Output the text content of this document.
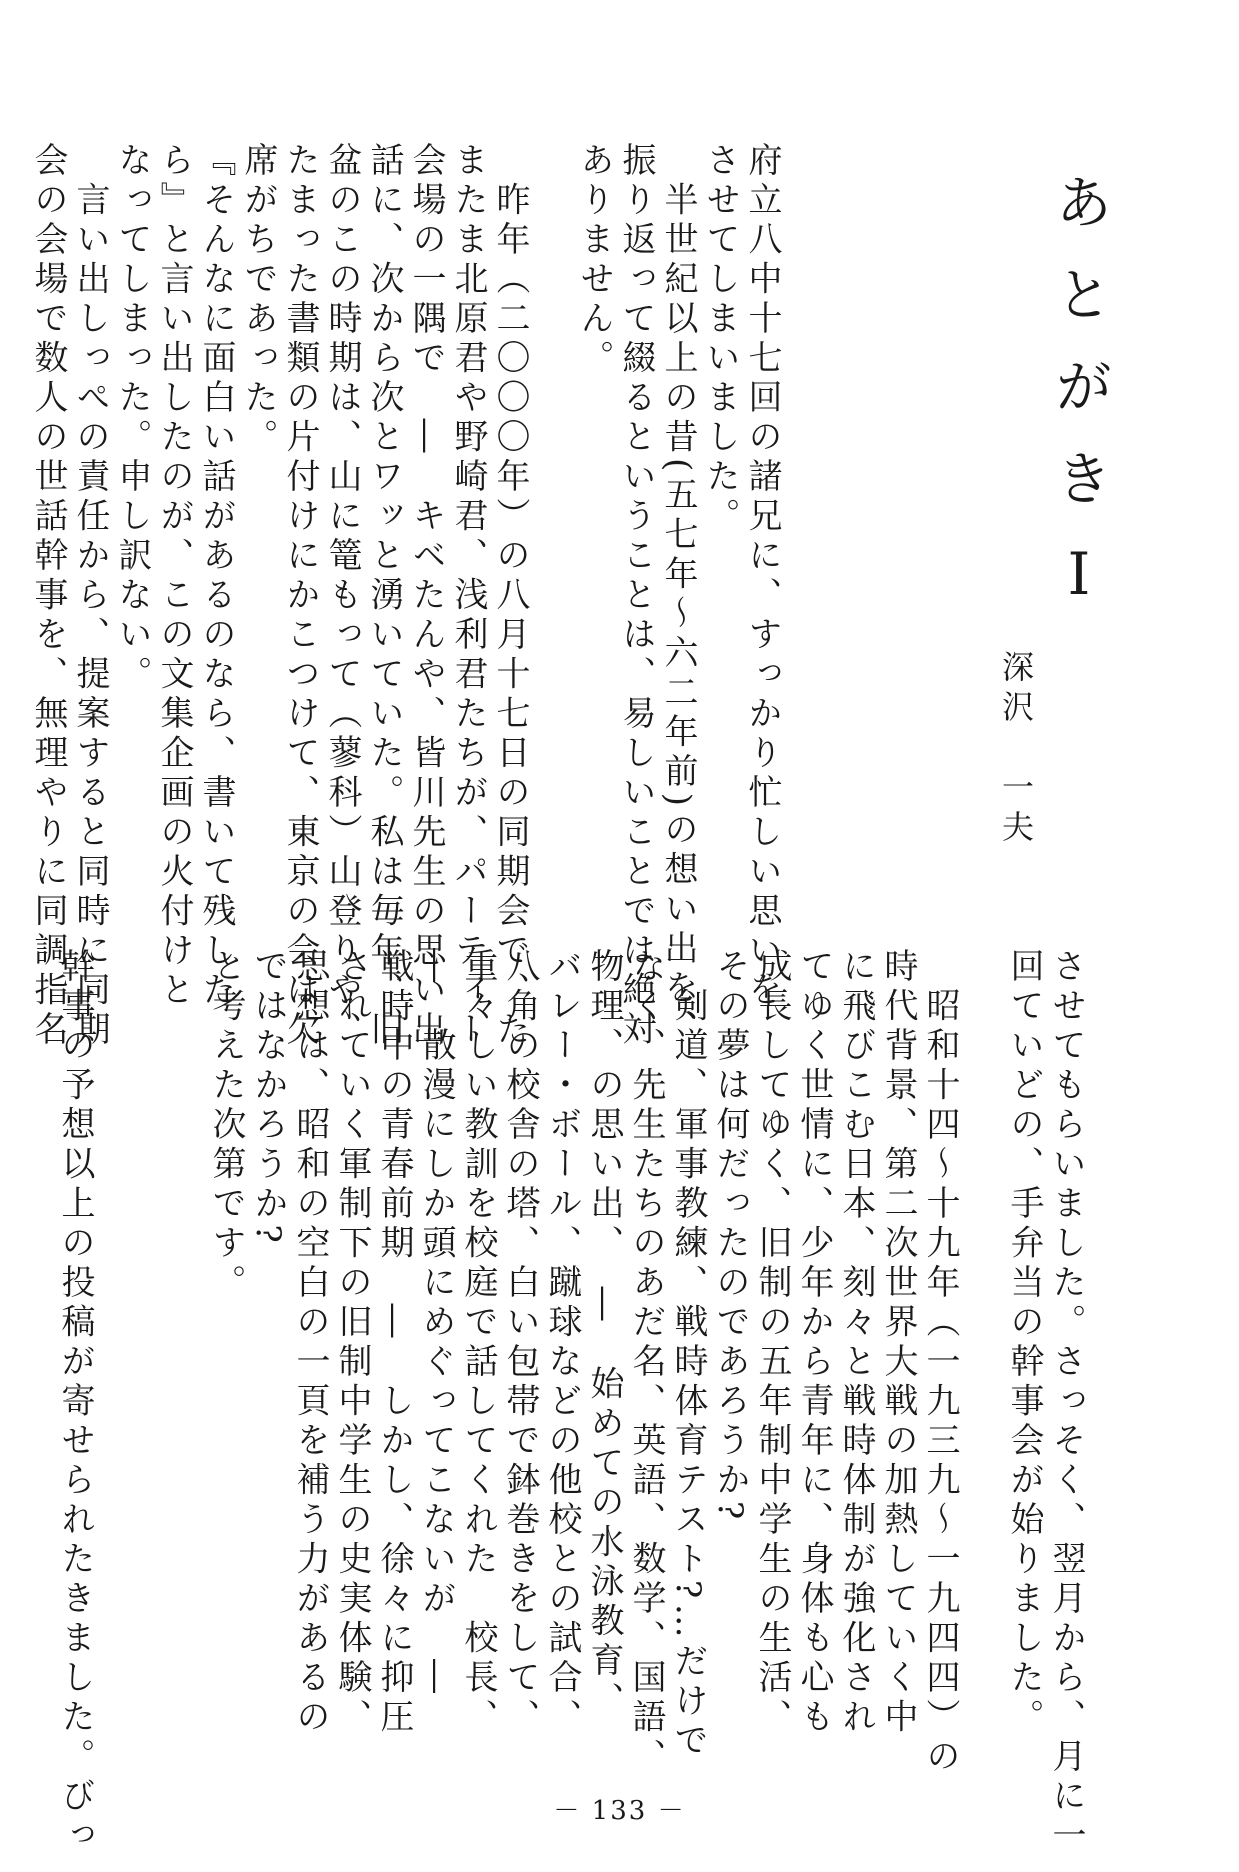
あとがきⅠ
深沢　一夫
府立八中十七回の諸兄に、すっかり忙しい思いを
させてしまいました。
　半世紀以上の昔(五七年〜六二年前)の想い出を、
振り返って綴るということは、易しいことでは絶対
ありません。
　昨年（二〇〇〇年）の八月十七日の同期会で、た
またま北原君や野崎君、浅利君たちが、パーティー
会場の一隅で　―　キベたんや、皆川先生の思い出
話に、次から次とワッと湧いていた。私は毎年、旧
盆のこの時期は、山に篭もって（蓼科）山登りや、
たまった書類の片付けにかこつけて、東京の会は欠
席がちであった。
『そんなに面白い話があるのなら、書いて残した
ら』と言い出したのが、この文集企画の火付けと
なってしまった。申し訳ない。
　言い出しっぺの責任から、提案すると同時に同期
会の会場で数人の世話幹事を、無理やりに同調指名
させてもらいました。さっそく、翌月から、月に一
回ていどの、手弁当の幹事会が始りました。
　昭和十四〜十九年（一九三九〜一九四四）の
時代背景、第二次世界大戦の加熱していく中
に飛びこむ日本、刻々と戦時体制が強化され
てゆく世情に、少年から青年に、身体も心も
成長してゆく、旧制の五年制中学生の生活、
その夢は何だったのであろうか?
　剣道、軍事教練、戦時体育テスト?…だけで
なく、先生たちのあだ名、英語、数学、国語、
物理、の思い出、　―　始めての水泳教育、
バレー・ボール、蹴球などの他校との試合、
八角の校舎の塔、白い包帯で鉢巻きをして、
重々しい教訓を校庭で話してくれた　校長、
―　散漫にしか頭にめぐってこないが　―
戦時中の青春前期　―　しかし、徐々に抑圧
されていく軍制下の旧制中学生の史実体験、
思想は、昭和の空白の一頁を補う力があるの
ではなかろうか?
と考えた次第です。
幹事の予想以上の投稿が寄せられたきました。びっ	－ 133 －
